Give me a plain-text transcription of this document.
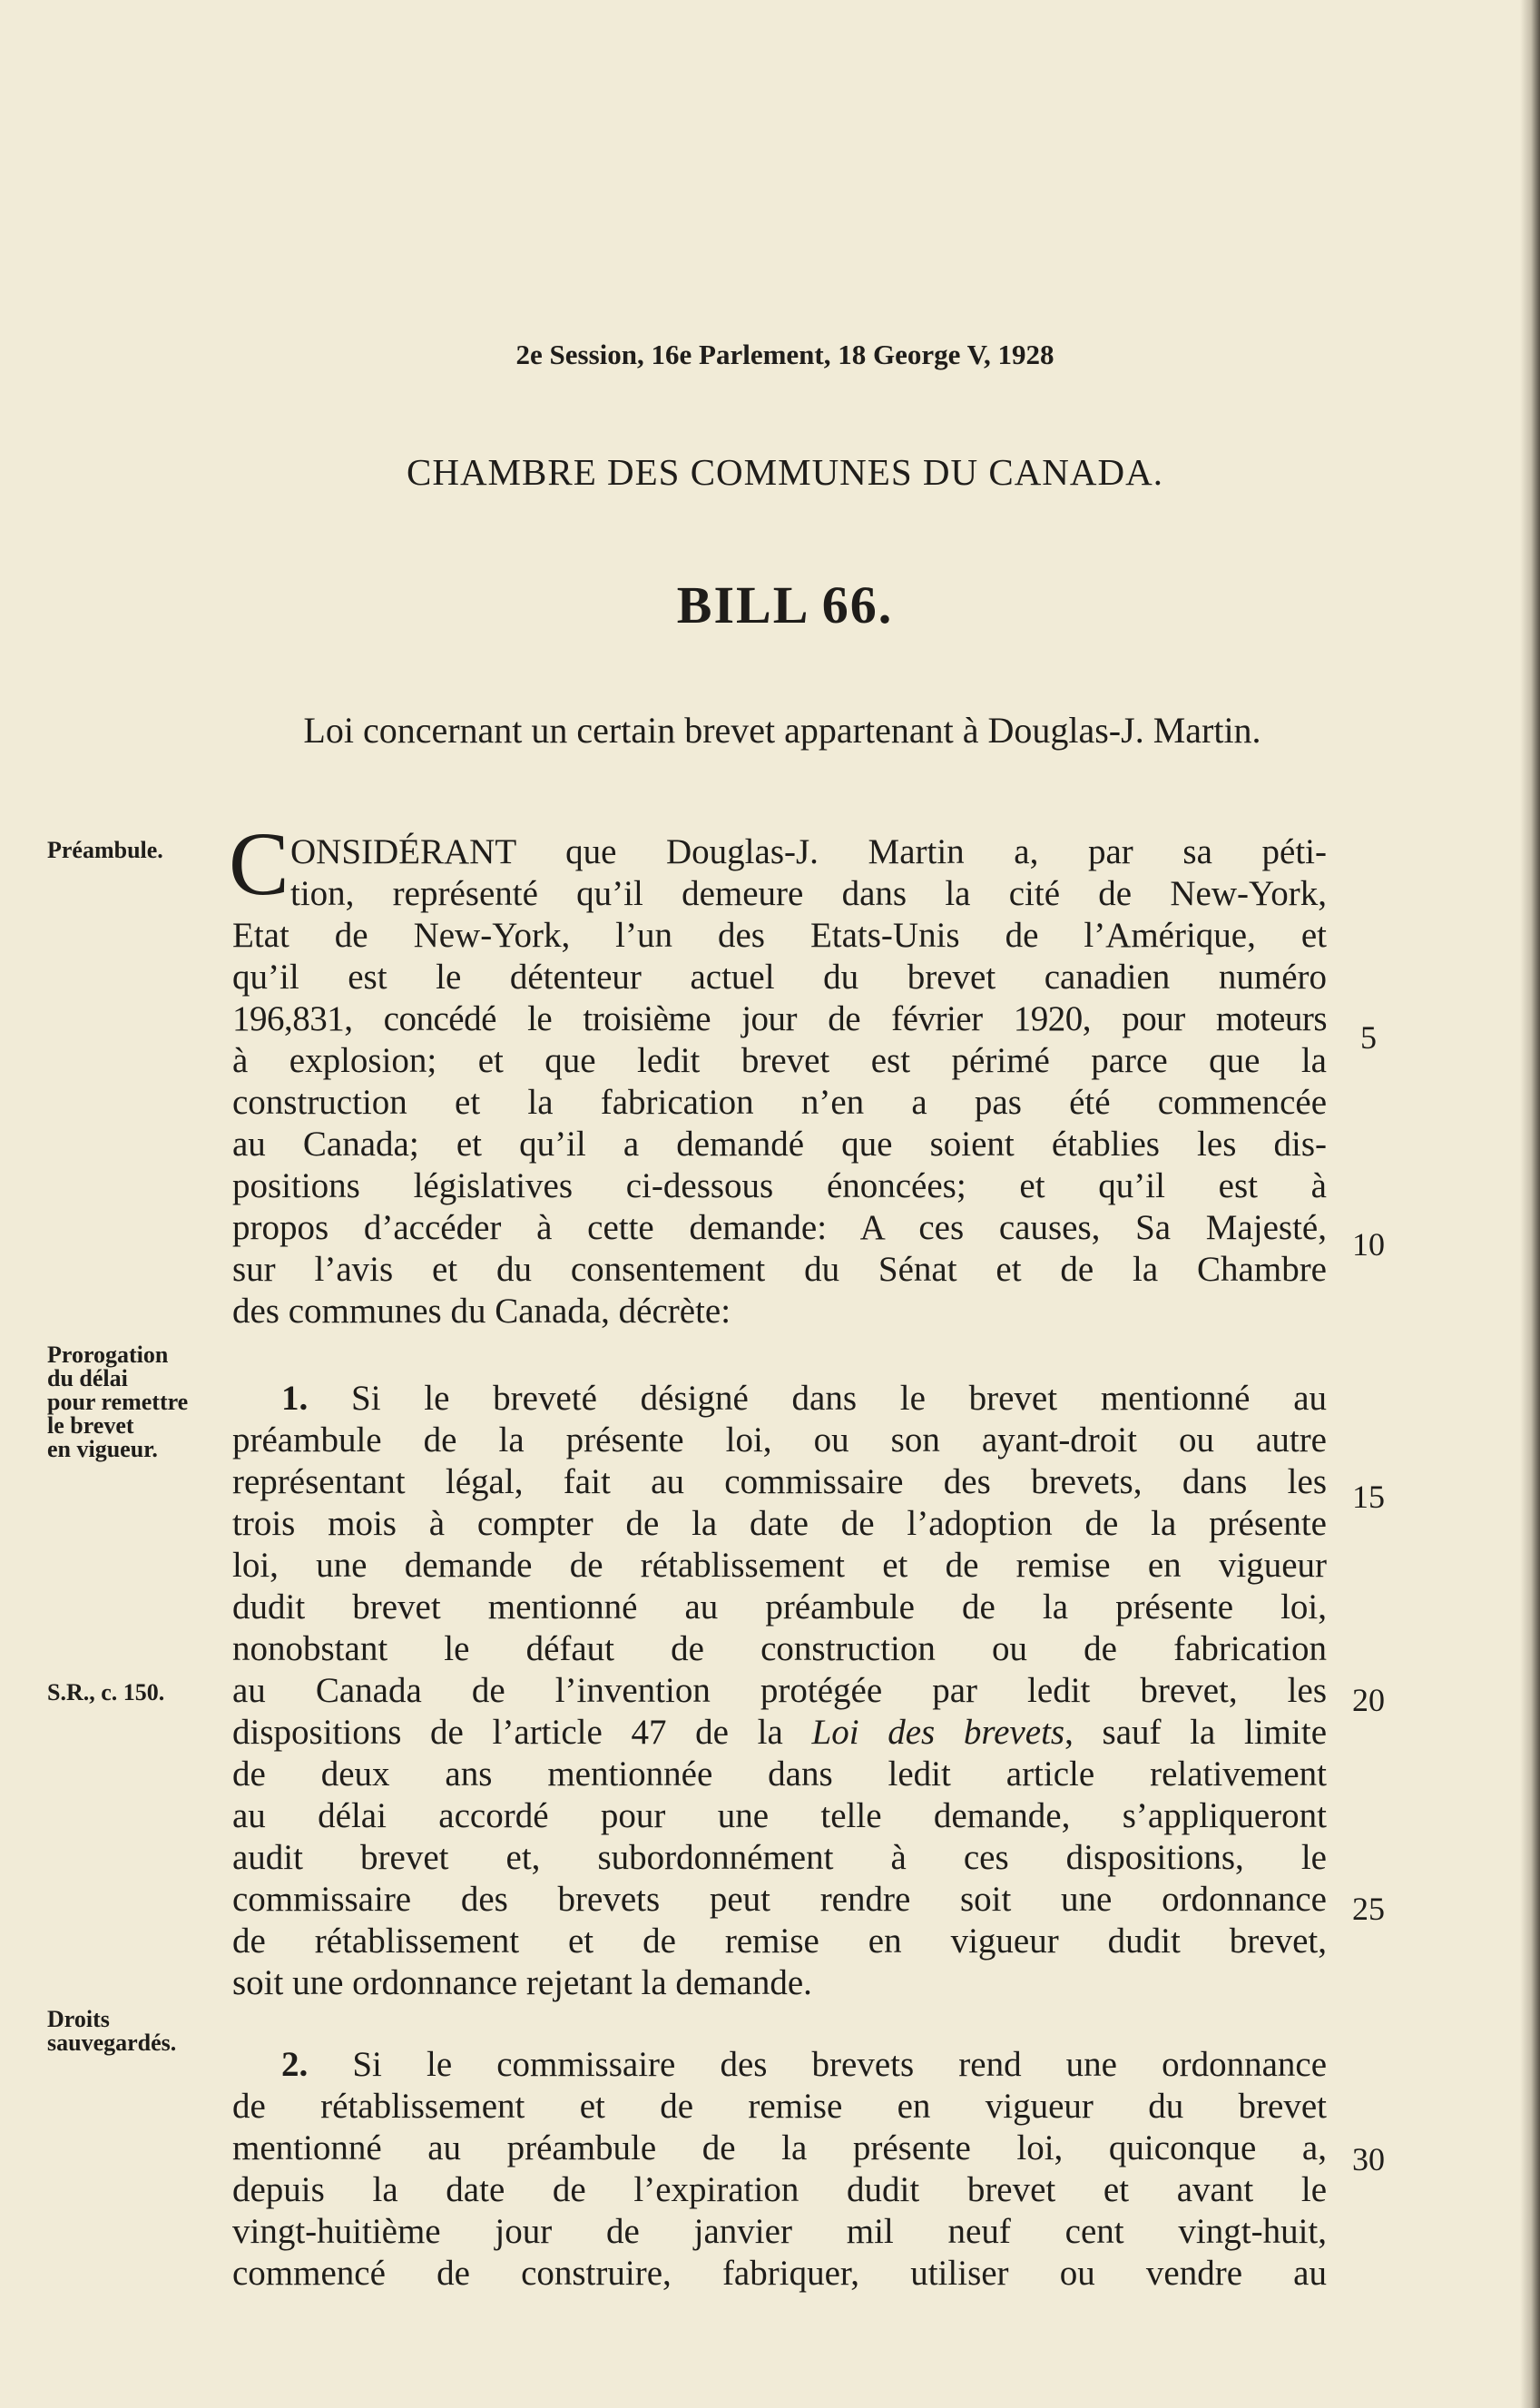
2e Session, 16e Parlement, 18 George V, 1928
CHAMBRE DES COMMUNES DU CANADA.
BILL 66.
Loi concernant un certain brevet appartenant à Douglas-J. Martin.
Préambule.
Prorogation
du délai
pour remettre
le brevet
en vigueur.
S.R., c. 150.
Droits
sauvegardés.
C ONSIDÉRANT que Douglas-J. Martin a, par sa péti-
tion, représenté qu’il demeure dans la cité de New-York,
Etat de New-York, l’un des Etats-Unis de l’Amérique, et
qu’il est le détenteur actuel du brevet canadien numéro
196,831, concédé le troisième jour de février 1920, pour moteurs
à explosion; et que ledit brevet est périmé parce que la
construction et la fabrication n’en a pas été commencée
au Canada; et qu’il a demandé que soient établies les dis-
positions législatives ci-dessous énoncées; et qu’il est à
propos d’accéder à cette demande: A ces causes, Sa Majesté,
sur l’avis et du consentement du Sénat et de la Chambre
des communes du Canada, décrète:
1. Si le breveté désigné dans le brevet mentionné au
préambule de la présente loi, ou son ayant-droit ou autre
représentant légal, fait au commissaire des brevets, dans les
trois mois à compter de la date de l’adoption de la présente
loi, une demande de rétablissement et de remise en vigueur
dudit brevet mentionné au préambule de la présente loi,
nonobstant le défaut de construction ou de fabrication
au Canada de l’invention protégée par ledit brevet, les
dispositions de l’article 47 de la Loi des brevets, sauf la limite
de deux ans mentionnée dans ledit article relativement
au délai accordé pour une telle demande, s’appliqueront
audit brevet et, subordonnément à ces dispositions, le
commissaire des brevets peut rendre soit une ordonnance
de rétablissement et de remise en vigueur dudit brevet,
soit une ordonnance rejetant la demande.
2. Si le commissaire des brevets rend une ordonnance
de rétablissement et de remise en vigueur du brevet
mentionné au préambule de la présente loi, quiconque a,
depuis la date de l’expiration dudit brevet et avant le
vingt-huitième jour de janvier mil neuf cent vingt-huit,
commencé de construire, fabriquer, utiliser ou vendre au
5
10
15
20
25
30
